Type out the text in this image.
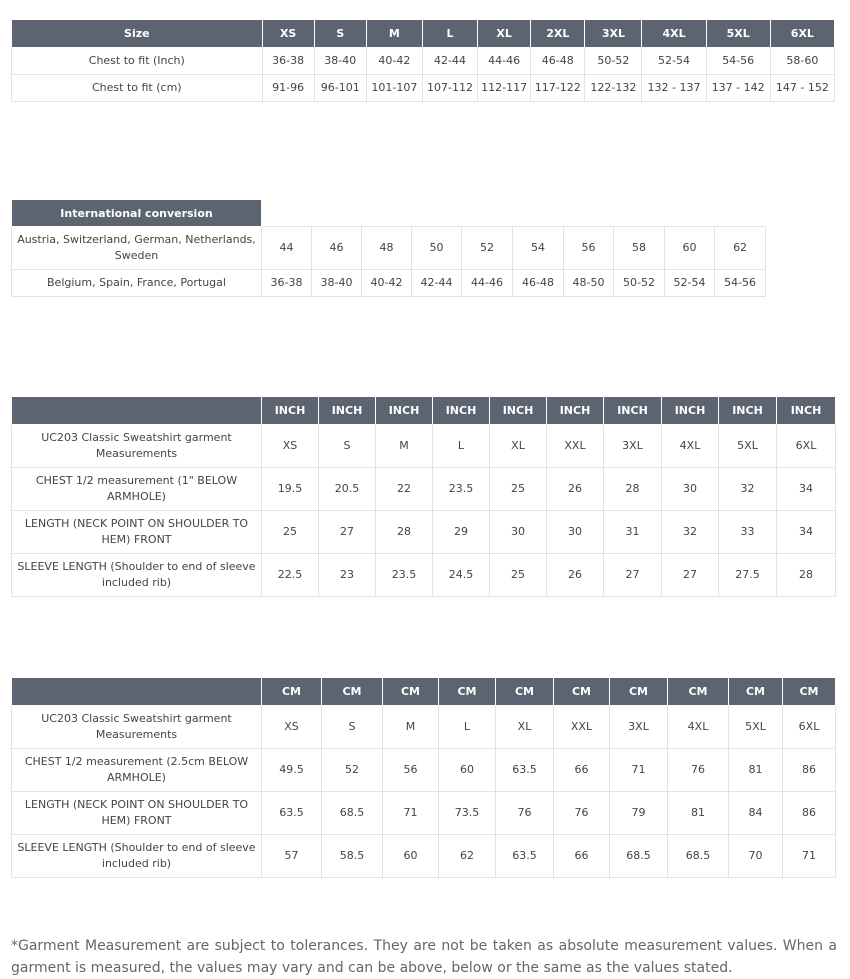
Size	XS	S	M	L	XL	2XL	3XL	4XL	5XL	6XL
Chest to fit (Inch)	36-38	38-40	40-42	42-44	44-46	46-48	50-52	52-54	54-56	58-60
Chest to fit (cm)	91-96	96-101	101-107	107-112	112-117	117-122	122-132	132 - 137	137 - 142	147 - 152
International conversion										
Austria, Switzerland, German, Netherlands, Sweden	44	46	48	50	52	54	56	58	60	62
Belgium, Spain, France, Portugal	36-38	38-40	40-42	42-44	44-46	46-48	48-50	50-52	52-54	54-56
	INCH	INCH	INCH	INCH	INCH	INCH	INCH	INCH	INCH	INCH
UC203 Classic Sweatshirt garment Measurements	XS	S	M	L	XL	XXL	3XL	4XL	5XL	6XL
CHEST 1/2 measurement (1" BELOW ARMHOLE)	19.5	20.5	22	23.5	25	26	28	30	32	34
LENGTH (NECK POINT ON SHOULDER TO HEM) FRONT	25	27	28	29	30	30	31	32	33	34
SLEEVE LENGTH (Shoulder to end of sleeve included rib)	22.5	23	23.5	24.5	25	26	27	27	27.5	28
	CM	CM	CM	CM	CM	CM	CM	CM	CM	CM
UC203 Classic Sweatshirt garment Measurements	XS	S	M	L	XL	XXL	3XL	4XL	5XL	6XL
CHEST 1/2 measurement (2.5cm BELOW ARMHOLE)	49.5	52	56	60	63.5	66	71	76	81	86
LENGTH (NECK POINT ON SHOULDER TO HEM) FRONT	63.5	68.5	71	73.5	76	76	79	81	84	86
SLEEVE LENGTH (Shoulder to end of sleeve included rib)	57	58.5	60	62	63.5	66	68.5	68.5	70	71

*Garment Measurement are subject to tolerances. They are not be taken as absolute measurement values. When a garment is measured, the values may vary and can be above, below or the same as the values stated.
